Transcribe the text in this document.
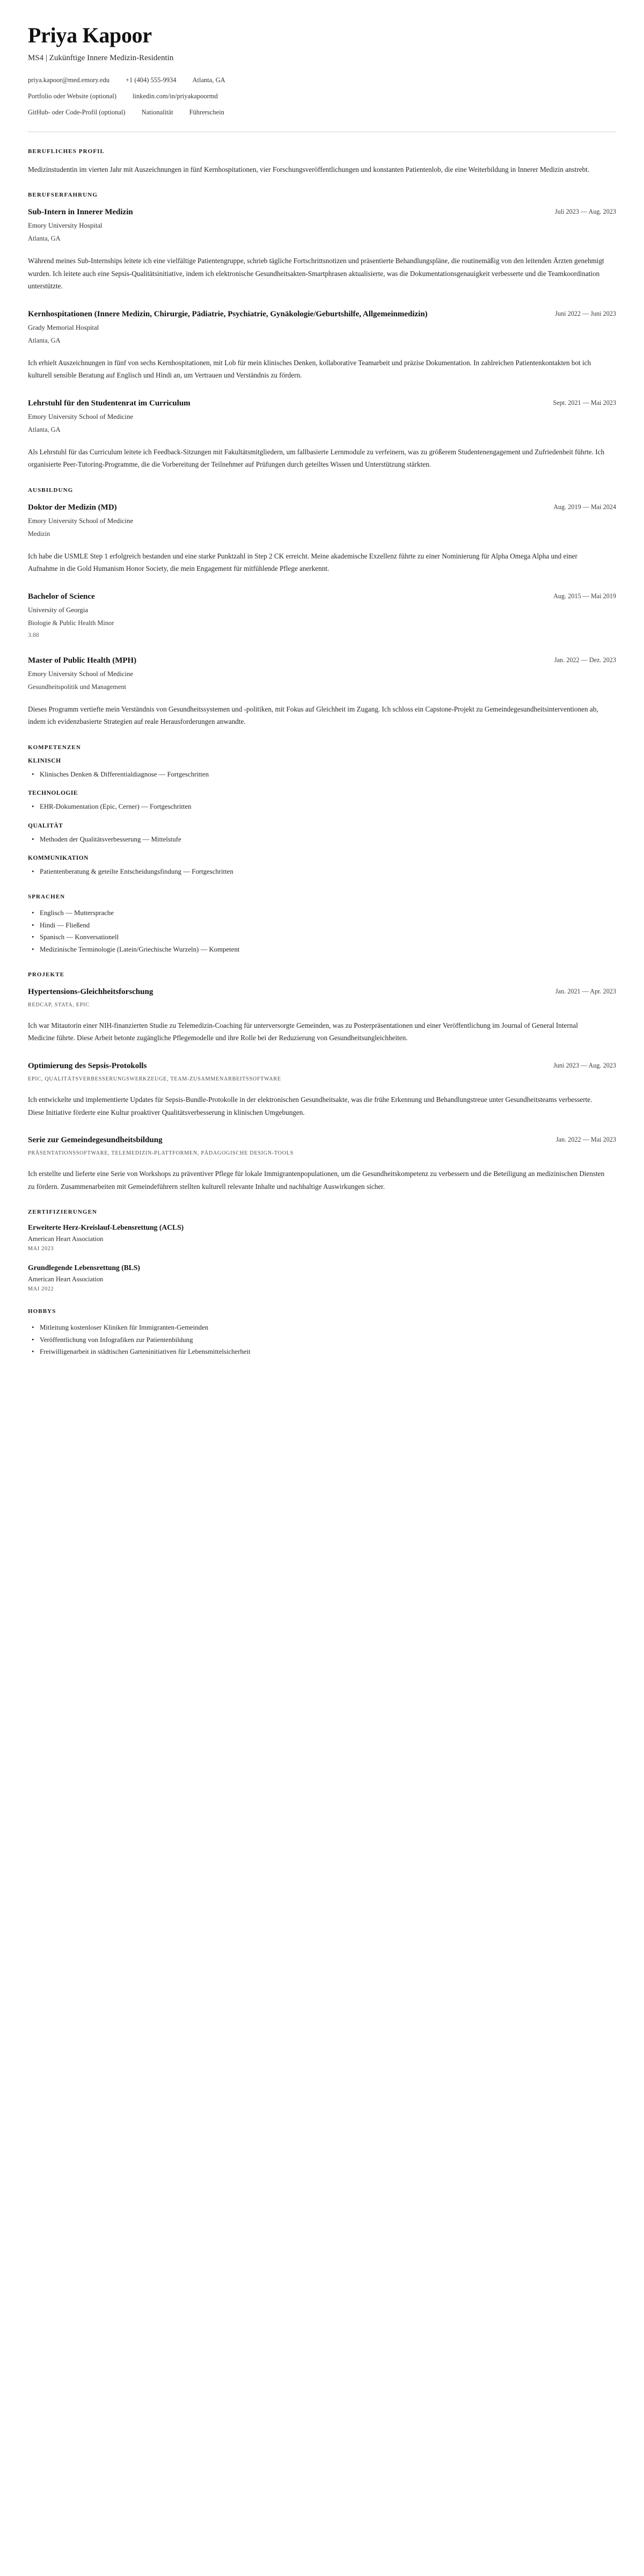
Priya Kapoor
MS4 | Zukünftige Innere Medizin-Residentin
priya.kapoor@med.emory.edu +1 (404) 555-9934 Atlanta, GA
Portfolio oder Website (optional) linkedin.com/in/priyakapoormd
GitHub- oder Code-Profil (optional) Nationalität Führerschein
BERUFLICHES PROFIL

Medizinstudentin im vierten Jahr mit Auszeichnungen in fünf Kernhospitationen, vier Forschungsveröffentlichungen und konstanten Patientenlob, die eine Weiterbildung in Innerer Medizin anstrebt.

BERUFSERFAHRUNG
Sub-Intern in Innerer Medizin	Juli 2023 — Aug. 2023

Emory University Hospital

Atlanta, GA

Während meines Sub-Internships leitete ich eine vielfältige Patientengruppe, schrieb tägliche Fortschrittsnotizen und präsentierte Behandlungspläne, die routinemäßig von den leitenden Ärzten genehmigt wurden. Ich leitete auch eine Sepsis-Qualitätsinitiative, indem ich elektronische Gesundheitsakten-Smartphrasen aktualisierte, was die Dokumentationsgenauigkeit verbesserte und die Teamkoordination unterstützte.

Kernhospitationen (Innere Medizin, Chirurgie, Pädiatrie, Psychiatrie, Gynäkologie/Geburtshilfe, Allgemeinmedizin)	Juni 2022 — Juni 2023

Grady Memorial Hospital

Atlanta, GA

Ich erhielt Auszeichnungen in fünf von sechs Kernhospitationen, mit Lob für mein klinisches Denken, kollaborative Teamarbeit und präzise Dokumentation. In zahlreichen Patientenkontakten bot ich kulturell sensible Beratung auf Englisch und Hindi an, um Vertrauen und Verständnis zu fördern.

Lehrstuhl für den Studentenrat im Curriculum	Sept. 2021 — Mai 2023

Emory University School of Medicine

Atlanta, GA

Als Lehrstuhl für das Curriculum leitete ich Feedback-Sitzungen mit Fakultätsmitgliedern, um fallbasierte Lernmodule zu verfeinern, was zu größerem Studentenengagement und Zufriedenheit führte. Ich organisierte Peer-Tutoring-Programme, die die Vorbereitung der Teilnehmer auf Prüfungen durch geteiltes Wissen und Unterstützung stärkten.

AUSBILDUNG
Doktor der Medizin (MD)	Aug. 2019 — Mai 2024

Emory University School of Medicine

Medizin

Ich habe die USMLE Step 1 erfolgreich bestanden und eine starke Punktzahl in Step 2 CK erreicht. Meine akademische Exzellenz führte zu einer Nominierung für Alpha Omega Alpha und einer Aufnahme in die Gold Humanism Honor Society, die mein Engagement für mitfühlende Pflege anerkennt.

Bachelor of Science	Aug. 2015 — Mai 2019

University of Georgia

Biologie & Public Health Minor

3.88

Master of Public Health (MPH)	Jan. 2022 — Dez. 2023

Emory University School of Medicine

Gesundheitspolitik und Management

Dieses Programm vertiefte mein Verständnis von Gesundheitssystemen und -politiken, mit Fokus auf Gleichheit im Zugang. Ich schloss ein Capstone-Projekt zu Gemeindegesundheitsinterventionen ab, indem ich evidenzbasierte Strategien auf reale Herausforderungen anwandte.

KOMPETENZEN
KLINISCH
• Klinisches Denken & Differentialdiagnose — Fortgeschritten
TECHNOLOGIE
• EHR-Dokumentation (Epic, Cerner) — Fortgeschritten
QUALITÄT
• Methoden der Qualitätsverbesserung — Mittelstufe
KOMMUNIKATION
• Patientenberatung & geteilte Entscheidungsfindung — Fortgeschritten
SPRACHEN
• Englisch — Muttersprache
• Hindi — Fließend
• Spanisch — Konversationell
• Medizinische Terminologie (Latein/Griechische Wurzeln) — Kompetent
PROJEKTE
Hypertensions-Gleichheitsforschung	Jan. 2021 — Apr. 2023

REDCAP, STATA, EPIC

Ich war Mitautorin einer NIH-finanzierten Studie zu Telemedizin-Coaching für unterversorgte Gemeinden, was zu Posterpräsentationen und einer Veröffentlichung im Journal of General Internal Medicine führte. Diese Arbeit betonte zugängliche Pflegemodelle und ihre Rolle bei der Reduzierung von Gesundheitsungleichheiten.

Optimierung des Sepsis-Protokolls	Juni 2023 — Aug. 2023

EPIC, QUALITÄTSVERBESSERUNGSWERKZEUGE, TEAM-ZUSAMMENARBEITSSOFTWARE

Ich entwickelte und implementierte Updates für Sepsis-Bundle-Protokolle in der elektronischen Gesundheitsakte, was die frühe Erkennung und Behandlungstreue unter Gesundheitsteams verbesserte. Diese Initiative förderte eine Kultur proaktiver Qualitätsverbesserung in klinischen Umgebungen.

Serie zur Gemeindegesundheitsbildung	Jan. 2022 — Mai 2023

PRÄSENTATIONSSOFTWARE, TELEMEDIZIN-PLATTFORMEN, PÄDAGOGISCHE DESIGN-TOOLS

Ich erstellte und lieferte eine Serie von Workshops zu präventiver Pflege für lokale Immigrantenpopulationen, um die Gesundheitskompetenz zu verbessern und die Beteiligung an medizinischen Diensten zu fördern. Zusammenarbeiten mit Gemeindeführern stellten kulturell relevante Inhalte und nachhaltige Auswirkungen sicher.

ZERTIFIZIERUNGEN
Erweiterte Herz-Kreislauf-Lebensrettung (ACLS)

American Heart Association

MAI 2023

Grundlegende Lebensrettung (BLS)

American Heart Association

MAI 2022

HOBBYS
• Mitleitung kostenloser Kliniken für Immigranten-Gemeinden
• Veröffentlichung von Infografiken zur Patientenbildung
• Freiwilligenarbeit in städtischen Garteninitiativen für Lebensmittelsicherheit
